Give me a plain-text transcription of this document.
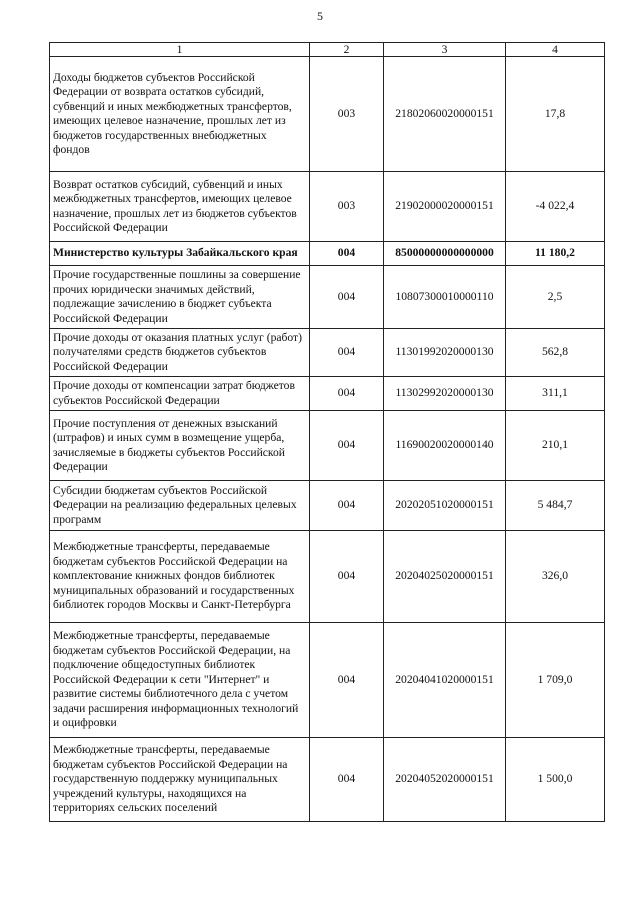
5
1	2	3	4
Доходы бюджетов субъектов Российской Федерации от возврата остатков субсидий, субвенций и иных межбюджетных трансфертов, имеющих целевое назначение, прошлых лет из бюджетов государственных внебюджетных фондов	003	21802060020000151	17,8
Возврат остатков субсидий, субвенций и иных межбюджетных трансфертов, имеющих целевое назначение, прошлых лет из бюджетов субъектов Российской Федерации	003	21902000020000151	-4 022,4
Министерство культуры Забайкальского края	004	85000000000000000	11 180,2
Прочие государственные пошлины за совершение прочих юридически значимых действий, подлежащие зачислению в бюджет субъекта Российской Федерации	004	10807300010000110	2,5
Прочие доходы от оказания платных услуг (работ) получателями средств бюджетов субъектов Российской Федерации	004	11301992020000130	562,8
Прочие доходы от компенсации затрат бюджетов субъектов Российской Федерации	004	11302992020000130	311,1
Прочие поступления от денежных взысканий (штрафов) и иных сумм в возмещение ущерба, зачисляемые в бюджеты субъектов Российской Федерации	004	11690020020000140	210,1
Субсидии бюджетам субъектов Российской Федерации на реализацию федеральных целевых программ	004	20202051020000151	5 484,7
Межбюджетные трансферты, передаваемые бюджетам субъектов Российской Федерации на комплектование книжных фондов библиотек муниципальных образований и государственных библиотек городов Москвы и Санкт-Петербурга	004	20204025020000151	326,0
Межбюджетные трансферты, передаваемые бюджетам субъектов Российской Федерации, на подключение общедоступных библиотек Российской Федерации к сети "Интернет" и развитие системы библиотечного дела с учетом задачи расширения информационных технологий и оцифровки	004	20204041020000151	1 709,0
Межбюджетные трансферты, передаваемые бюджетам субъектов Российской Федерации на государственную поддержку муниципальных учреждений культуры, находящихся на территориях сельских поселений	004	20204052020000151	1 500,0
